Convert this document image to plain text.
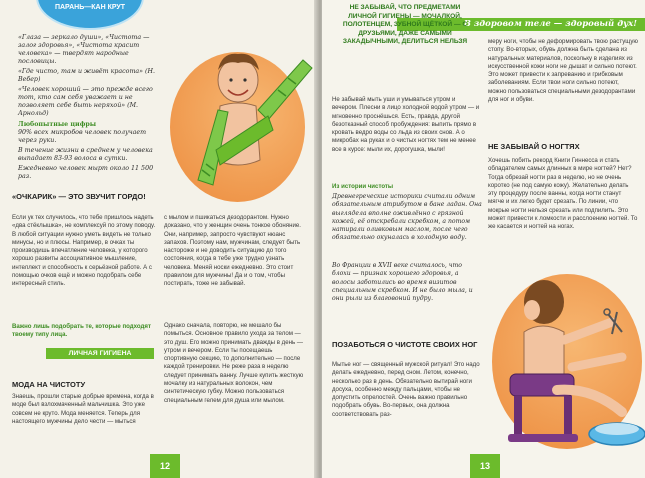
ПАРАНЬ—КАН КРУТ

«Глаза — зеркало души», «Чистота — залог здоровья», «Чистота красит человека» — твердят народные пословицы.

«Где чисто, там и живёт красота» (Н. Вебер)

«Человек хороший — это прежде всего тот, кто сам себя уважает и не позволяет себе быть неряхой» (М. Арнольд)

Любопытные цифры

90% всех микробов человек получает через руки.

В течение жизни в среднем у человека выпадает 83-93 волоса в сутки.

Ежедневно человек мырт около 11 500 раз.

«ОЧКАРИК» — ЭТО ЗВУЧИТ ГОРДО!

Если ук тех случилось, что тебе пришлось надеть «два стёклышка», не комплексуй по этому поводу. В любой ситуации нужно уметь видеть не только минусы, но и плюсы. Например, в очках ты производишь впечатление человека, у которого хорошо развиты ассоциативное мышление, интеллект и способность к серьёзной работе. А с помощью очков ещё и можно подобрать себе интересный стиль.

Важно лишь подобрать те, которые подходят твоему типу лица.

ЛИЧНАЯ ГИГИЕНА

МОДА НА ЧИСТОТУ

Знаешь, прошли старые добрые времена, когда в моде был взлохмаченный мальчишка. Это уже совсем не круто. Мода меняется. Теперь для настоящего мужчины дело чести — мыться

с мылом и пшикаться дезодорантом. Нужно доказано, что у женщин очень тонкое обоняние. Они, например, запросто чувствуют нюанс запахов. Поэтому нам, мужчинам, следует быть настороже и не доводить ситуацию до того состояния, когда в тебе уже трудно узнать человека. Меняй носки ежедневно. Это стоит правилом для мужчины! Да и о том, чтобы постирать, тоже не забывай.

Однако сначала, повторю, не мешало бы помыться. Основное правило ухода за телом — это душ. Его можно принимать дважды в день — утром и вечером. Если ты посещаешь спортивную секцию, то дополнительно — после каждой тренировки. Не реже раза в неделю следует принимать ванну. Лучше купить жесткую мочалку из натуральных волокон, чем синтетическую губку. Можно пользоваться специальным гелем для душа или мылом.

12
В здоровом теле — здоровый дух!

НЕ ЗАБЫВАЙ, ЧТО ПРЕДМЕТАМИ ЛИЧНОЙ ГИГИЕНЫ — МОЧАЛКОЙ, ПОЛОТЕНЦЕМ, ЗУБНОЙ ЩЁТКОЙ — С ДРУЗЬЯМИ, ДАЖЕ САМЫМИ ЗАКАДЫЧНЫМИ, ДЕЛИТЬСЯ НЕЛЬЗЯ

Не забывай мыть уши и умываться утром и вечером. Плесни в лицо холодной водой утром — и мгновенно проснёшься. Есть, правда, другой безотказный способ пробуждения: выпить прямо в кровать ведро воды со льда из своих снов. А о микробах на руках и о чистых ногтях тем не менее все в курсе: мыли их, дорогушка, мыли!

Из истории чистоты

Древнегреческие историки считали одним обязательным атрибутом в бане ладан. Она выглядела вполне оживлённо с грязной кожей, её отскребали скребком, а потом натирали оливковым маслом, после чего обязательно окуналась в холодную воду.

Во Франции в XVII веке считалось, что блохи — признак хорошего здоровья, а волосы заботились во время визитов специальным скребком. И не было мыла, и они рыли из благовоний пудру.

ПОЗАБОТЬСЯ О ЧИСТОТЕ СВОИХ НОГ

Мытье ног — священный мужской ритуал! Это надо делать ежедневно, перед сном. Летом, конечно, несколько раз в день. Обязательно вытирай ноги досуха, особенно между пальцами, чтобы не допустить опрелостей. Очень важно правильно подобрать обувь. Во-первых, она должна соответствовать раз-

меру ноги, чтобы не деформировать твою растущую стопу. Во-вторых, обувь должна быть сделана из натуральных материалов, поскольку в изделиях из искусственной кожи ноги не дышат и сильно потеют. Это может привести к запреванию и грибковым заболеваниям. Если твои ноги сильно потеют, можно пользоваться специальными дезодорантами для ног и обуви.

НЕ ЗАБЫВАЙ О НОГТЯХ

Хочешь побить рекорд Книги Гиннесса и стать обладателем самых длинных в мире ногтей? Нет? Тогда обрезай ногти раз в неделю, но не очень коротко (не под самую кожу). Желательно делать эту процедуру после ванны, когда ногти станут мягче и их легко будет срезать. По линии, что мокрые ногти нельзя срезать или подпилить. Это может привести к ломкости и расслоению ногтей. То же касается и ногтей на ногах.

13
